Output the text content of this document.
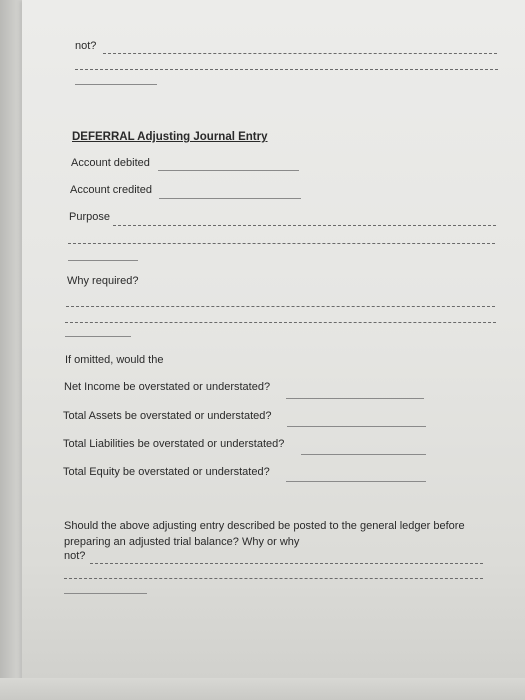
not?
DEFERRAL Adjusting Journal Entry
Account debited
Account credited
Purpose
Why required?
If omitted, would the
Net Income be overstated or understated?
Total Assets be overstated or understated?
Total Liabilities be overstated or understated?
Total Equity be overstated or understated?
Should the above adjusting entry described be posted to the general ledger before
preparing an adjusted trial balance? Why or why
not?
